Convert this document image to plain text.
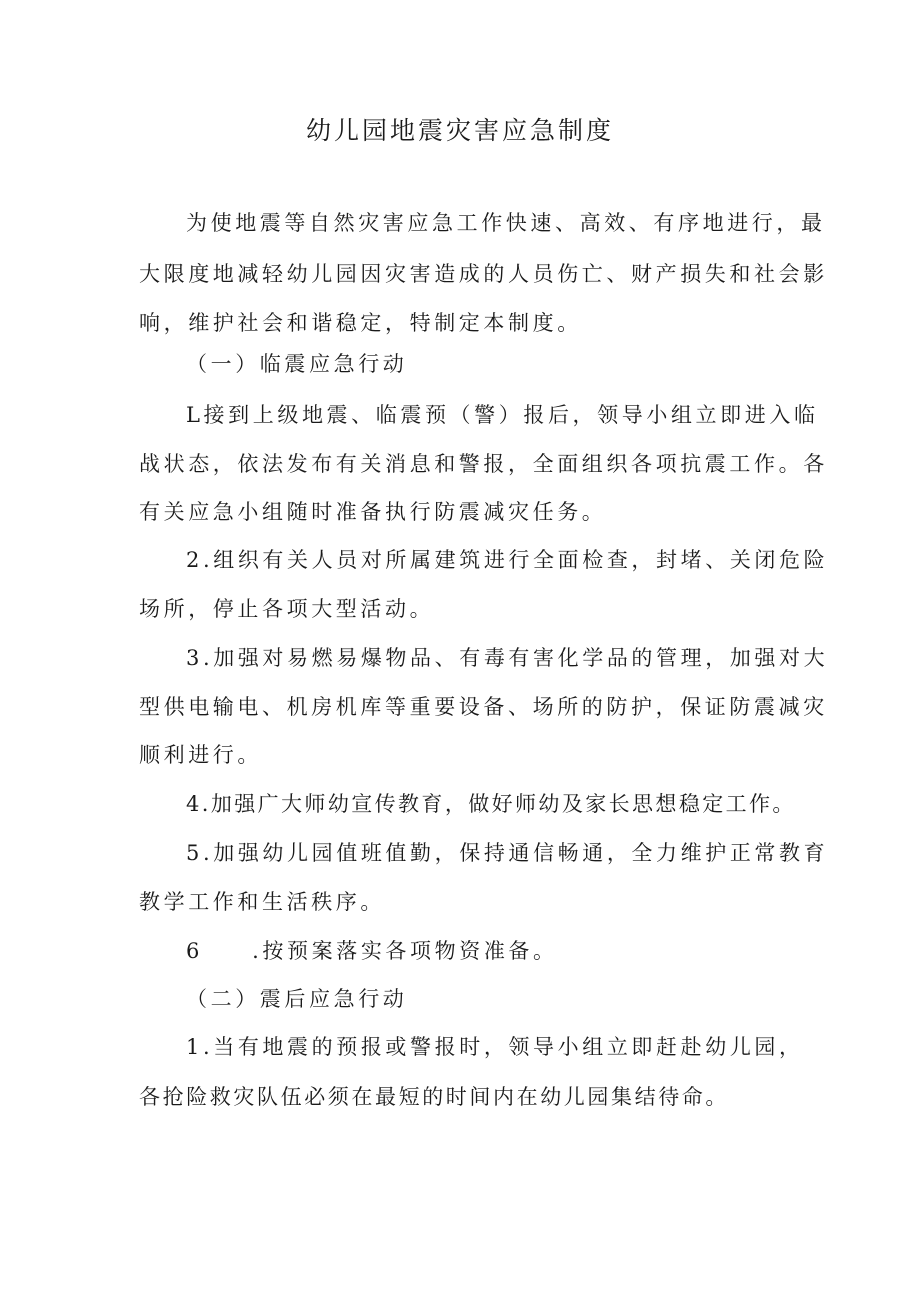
幼儿园地震灾害应急制度
为使地震等自然灾害应急工作快速、高效、有序地进行，最
大限度地减轻幼儿园因灾害造成的人员伤亡、财产损失和社会影
响，维护社会和谐稳定，特制定本制度。
（一）临震应急行动
L接到上级地震、临震预（警）报后，领导小组立即进入临
战状态，依法发布有关消息和警报，全面组织各项抗震工作。各
有关应急小组随时准备执行防震减灾任务。
2.组织有关人员对所属建筑进行全面检查，封堵、关闭危险
场所，停止各项大型活动。
3.加强对易燃易爆物品、有毒有害化学品的管理，加强对大
型供电输电、机房机库等重要设备、场所的防护，保证防震减灾
顺利进行。
4.加强广大师幼宣传教育，做好师幼及家长思想稳定工作。
5.加强幼儿园值班值勤，保持通信畅通，全力维护正常教育
教学工作和生活秩序。
6　　.按预案落实各项物资准备。
（二）震后应急行动
1.当有地震的预报或警报时，领导小组立即赶赴幼儿园，
各抢险救灾队伍必须在最短的时间内在幼儿园集结待命。
